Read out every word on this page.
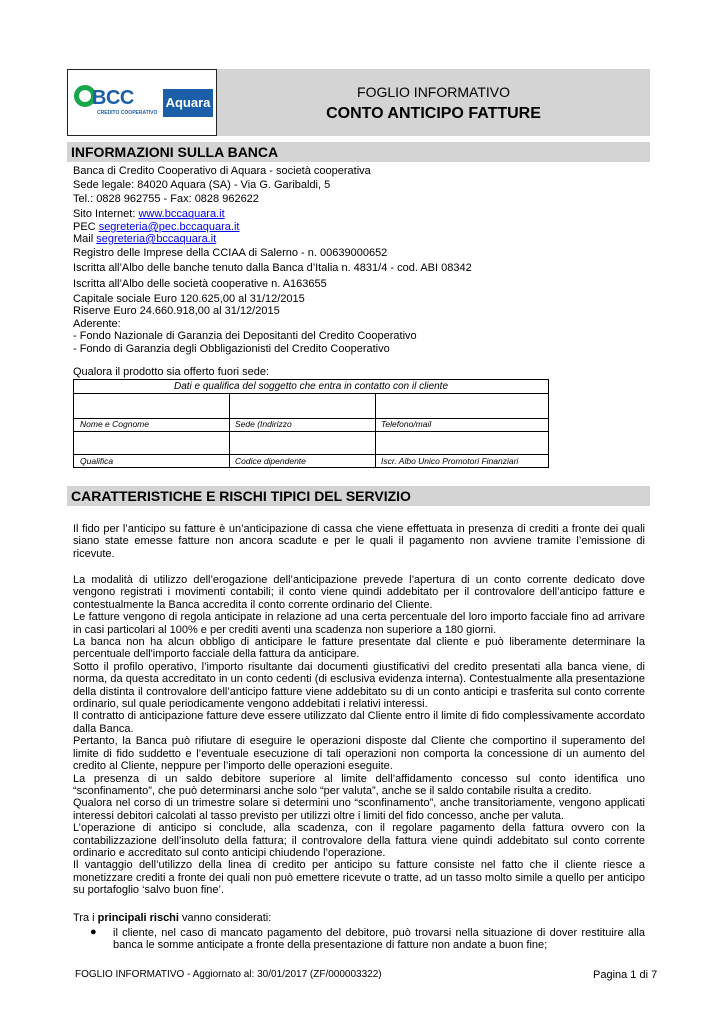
BCC
CREDITO COOPERATIVO
Aquara
FOGLIO INFORMATIVO
CONTO ANTICIPO FATTURE
INFORMAZIONI SULLA BANCA
Banca di Credito Cooperativo di Aquara - società cooperativa
Sede legale: 84020 Aquara (SA) - Via G. Garibaldi, 5
Tel.: 0828 962755 - Fax: 0828 962622
Sito Internet: www.bccaquara.it
PEC segreteria@pec.bccaquara.it
Mail segreteria@bccaquara.it
Registro delle Imprese della CCIAA di Salerno - n. 00639000652
Iscritta all’Albo delle banche tenuto dalla Banca d’Italia n. 4831/4 - cod. ABI 08342
Iscritta all’Albo delle società cooperative n. A163655
Capitale sociale Euro 120.625,00 al 31/12/2015
Riserve Euro 24.660.918,00 al 31/12/2015
Aderente:
- Fondo Nazionale di Garanzia dei Depositanti del Credito Cooperativo
- Fondo di Garanzia degli Obbligazionisti del Credito Cooperativo
Qualora il prodotto sia offerto fuori sede:
Dati e qualifica del soggetto che entra in contatto con il cliente
Nome e Cognome	Sede (Indirizzo	Telefono/mail
Qualifica	Codice dipendente	Iscr. Albo Unico Promotori Finanziari
CARATTERISTICHE E RISCHI TIPICI DEL SERVIZIO

Il fido per l’anticipo su fatture è un’anticipazione di cassa che viene effettuata in presenza di crediti a fronte dei quali siano state emesse fatture non ancora scadute e per le quali il pagamento non avviene tramite l’emissione di ricevute.

La modalità di utilizzo dell’erogazione dell’anticipazione prevede l’apertura di un conto corrente dedicato dove vengono registrati i movimenti contabili; il conto viene quindi addebitato per il controvalore dell’anticipo fatture e contestualmente la Banca accredita il conto corrente ordinario del Cliente.

Le fatture vengono di regola anticipate in relazione ad una certa percentuale del loro importo facciale fino ad arrivare in casi particolari al 100% e per crediti aventi una scadenza non superiore a 180 giorni.

La banca non ha alcun obbligo di anticipare le fatture presentate dal cliente e può liberamente determinare la percentuale dell'importo facciale della fattura da anticipare.

Sotto il profilo operativo, l’importo risultante dai documenti giustificativi del credito presentati alla banca viene, di norma, da questa accreditato in un conto cedenti (di esclusiva evidenza interna). Contestualmente alla presentazione della distinta il controvalore dell’anticipo fatture viene addebitato su di un conto anticipi e trasferita sul conto corrente ordinario, sul quale periodicamente vengono addebitati i relativi interessi.

Il contratto di anticipazione fatture deve essere utilizzato dal Cliente entro il limite di fido complessivamente accordato dalla Banca.

Pertanto, la Banca può rifiutare di eseguire le operazioni disposte dal Cliente che comportino il superamento del limite di fido suddetto e l’eventuale esecuzione di tali operazioni non comporta la concessione di un aumento del credito al Cliente, neppure per l’importo delle operazioni eseguite.

La presenza di un saldo debitore superiore al limite dell’affidamento concesso sul conto identifica uno “sconfinamento”, che può determinarsi anche solo “per valuta”, anche se il saldo contabile risulta a credito.

Qualora nel corso di un trimestre solare si determini uno “sconfinamento”, anche transitoriamente, vengono applicati interessi debitori calcolati al tasso previsto per utilizzi oltre i limiti del fido concesso, anche per valuta.

L’operazione di anticipo si conclude, alla scadenza, con il regolare pagamento della fattura ovvero con la contabilizzazione dell’insoluto della fattura; il controvalore della fattura viene quindi addebitato sul conto corrente ordinario e accreditato sul conto anticipi chiudendo l’operazione.

Il vantaggio dell’utilizzo della linea di credito per anticipo su fatture consiste nel fatto che il cliente riesce a monetizzare crediti a fronte dei quali non può emettere ricevute o tratte, ad un tasso molto simile a quello per anticipo su portafoglio ‘salvo buon fine’.

Tra i principali rischi vanno considerati:
● il cliente, nel caso di mancato pagamento del debitore, può trovarsi nella situazione di dover restituire alla banca le somme anticipate a fronte della presentazione di fatture non andate a buon fine;
FOGLIO INFORMATIVO - Aggiornato al: 30/01/2017 (ZF/000003322)	Pagina 1 di 7
